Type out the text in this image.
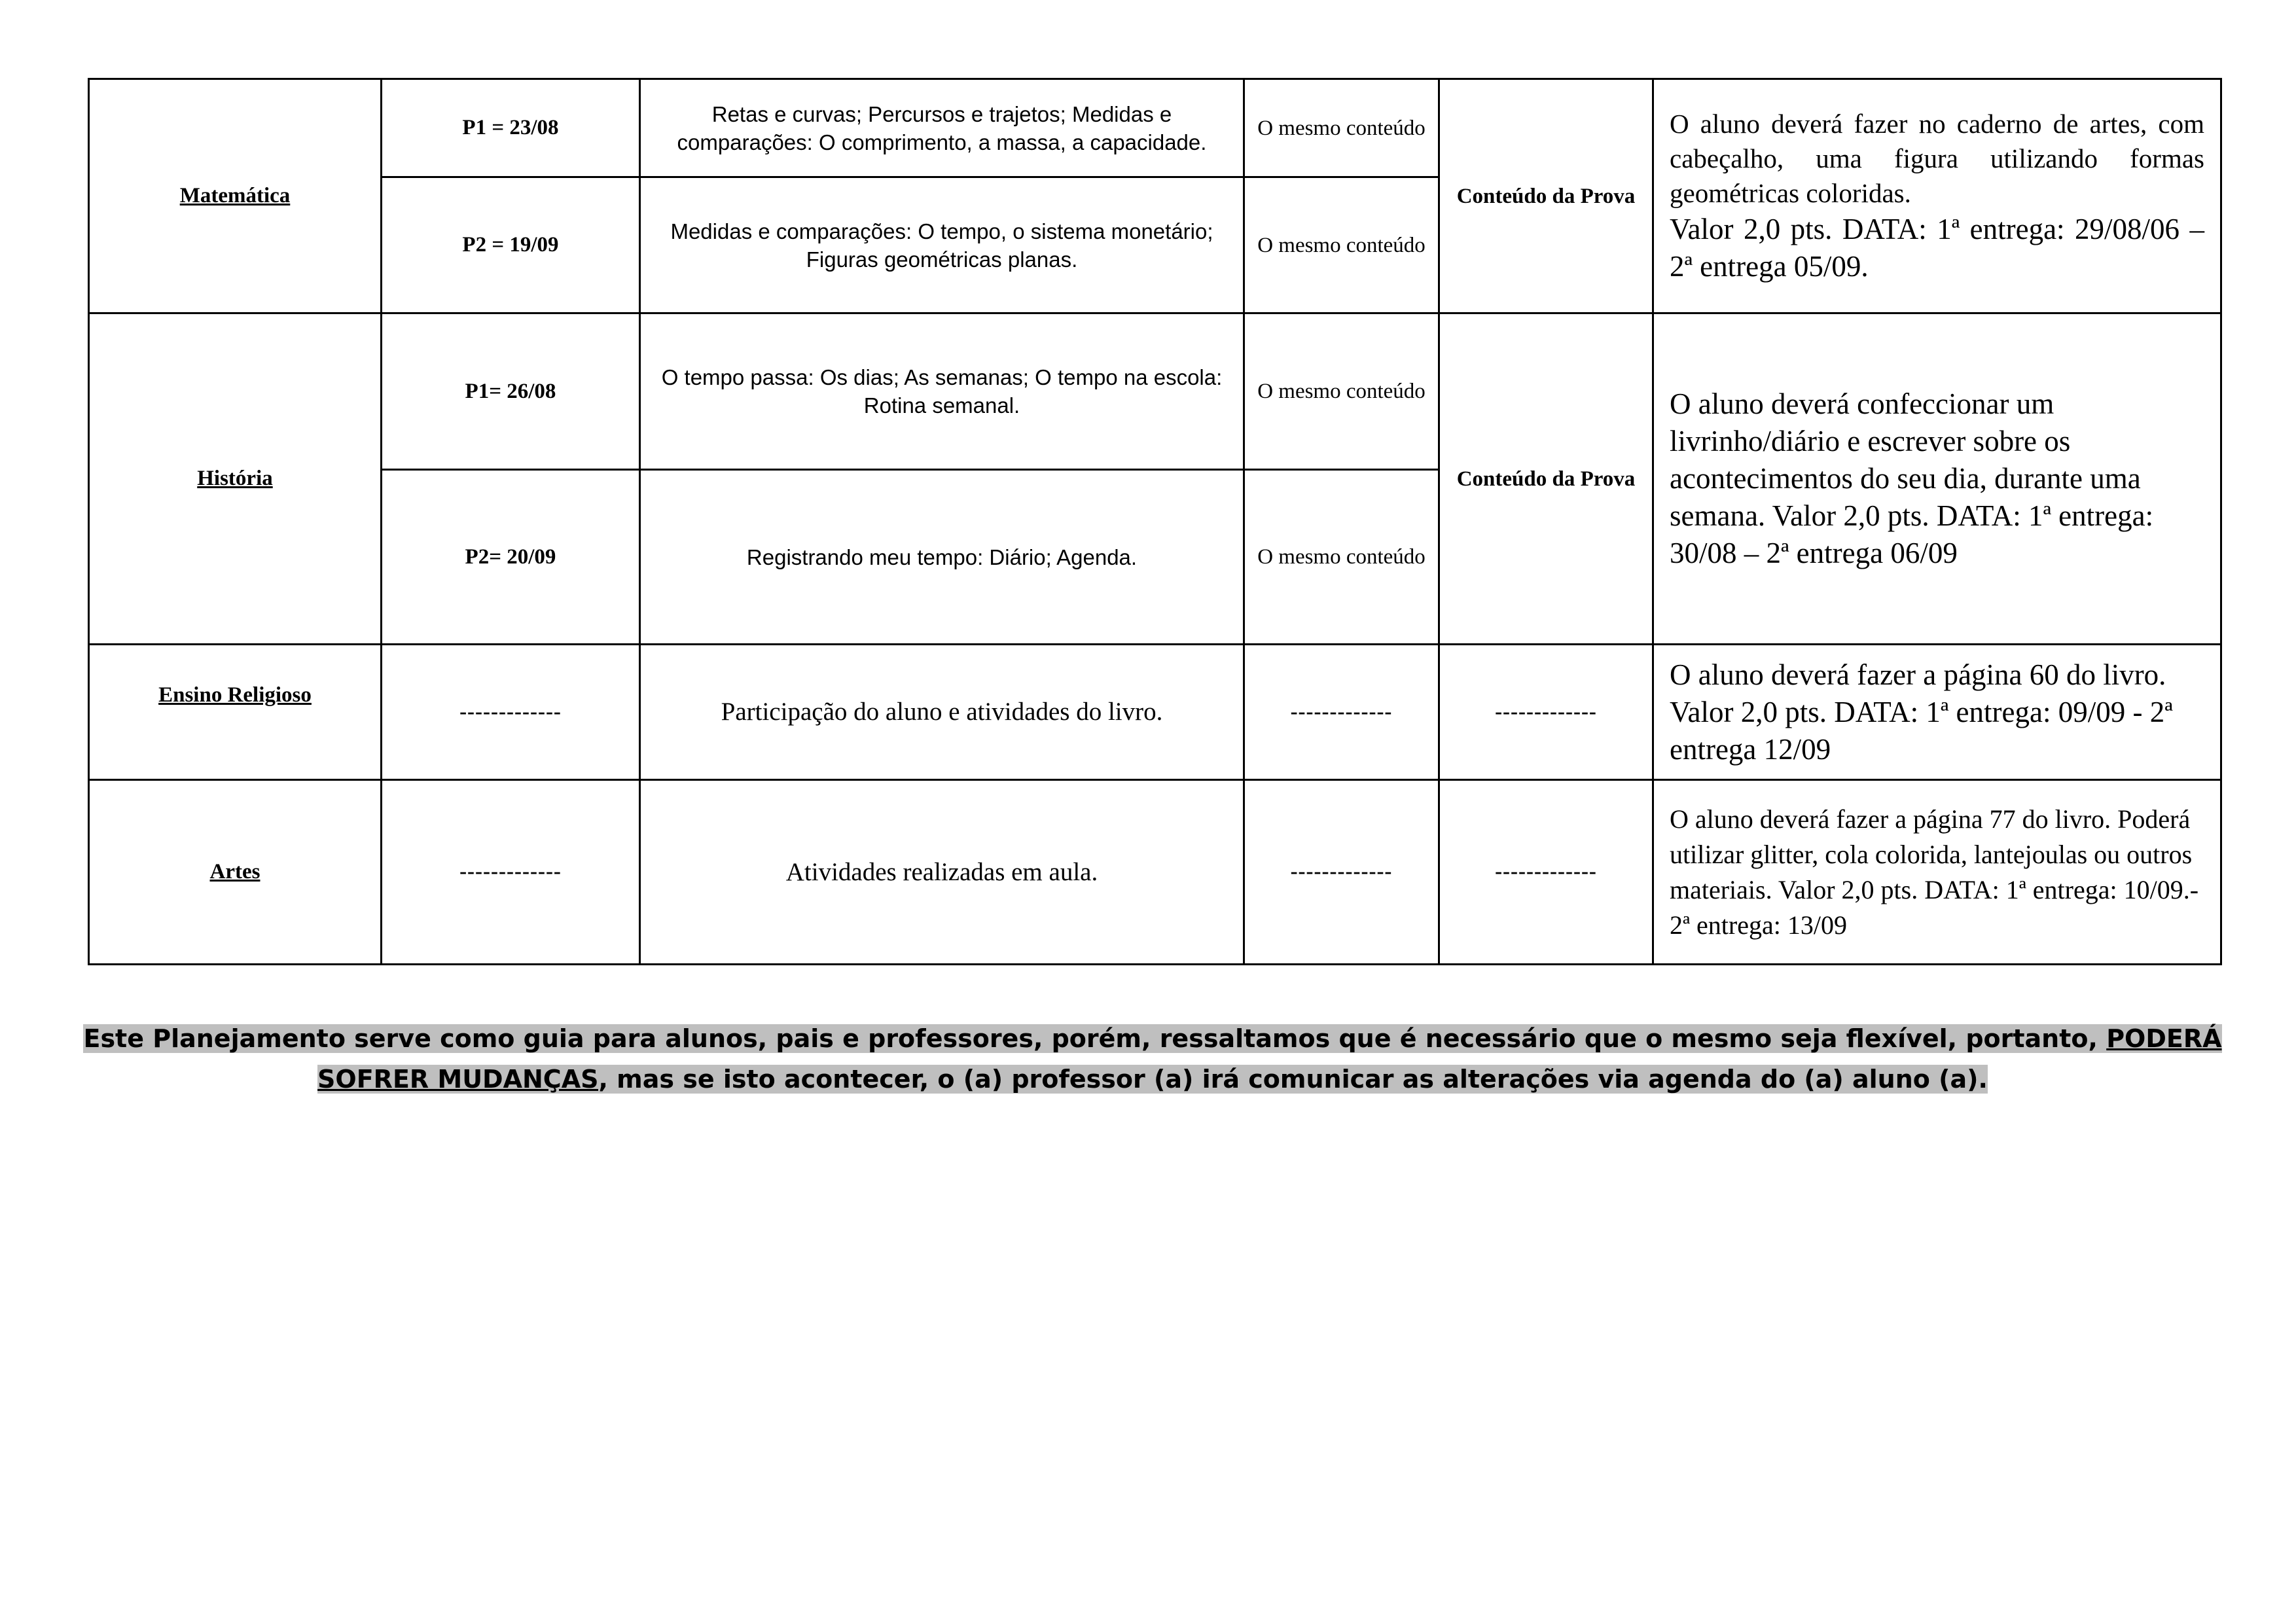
Matemática	P1 = 23/08	Retas e curvas; Percursos e trajetos; Medidas e comparações: O comprimento, a massa, a capacidade.	O mesmo conteúdo	Conteúdo da Prova	O aluno deverá fazer no caderno de artes, com cabeçalho, uma figura utilizando formas geométricas coloridas.
Valor 2,0 pts. DATA: 1ª entrega: 29/08/06 – 2ª entrega 05/09.

	P2 = 19/09	Medidas e comparações: O tempo, o sistema monetário; Figuras geométricas planas.	O mesmo conteúdo		
História	P1= 26/08	O tempo passa: Os dias; As semanas; O tempo na escola: Rotina semanal.	O mesmo conteúdo	Conteúdo da Prova	O aluno deverá confeccionar um livrinho/diário e escrever sobre os acontecimentos do seu dia, durante uma semana. Valor 2,0 pts. DATA: 1ª entrega: 30/08 – 2ª entrega 06/09
	P2= 20/09	Registrando meu tempo: Diário; Agenda.	O mesmo conteúdo		
Ensino Religioso	-------------	Participação do aluno e atividades do livro.	-------------	-------------	O aluno deverá fazer a página 60 do livro. Valor 2,0 pts. DATA: 1ª entrega: 09/09 - 2ª entrega 12/09
Artes	-------------	Atividades realizadas em aula.	-------------	-------------	O aluno deverá fazer a página 77 do livro. Poderá utilizar glitter, cola colorida, lantejoulas ou outros materiais. Valor 2,0 pts. DATA: 1ª entrega: 10/09.- 2ª entrega: 13/09
Este Planejamento serve como guia para alunos, pais e professores, porém, ressaltamos que é necessário que o mesmo seja flexível, portanto, PODERÁ SOFRER MUDANÇAS, mas se isto acontecer, o (a) professor (a) irá comunicar as alterações via agenda do (a) aluno (a).
